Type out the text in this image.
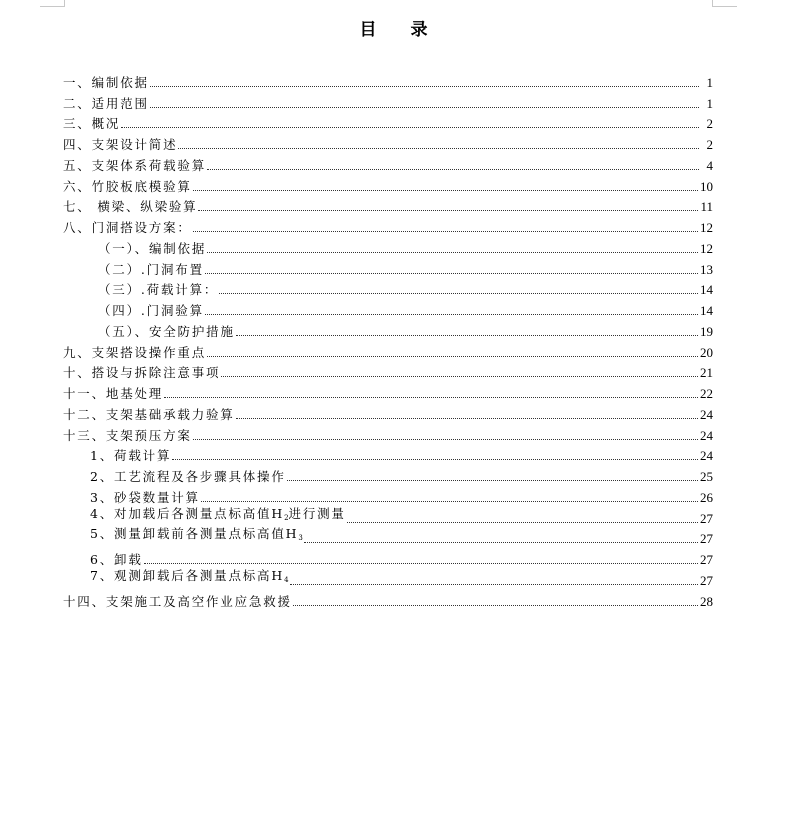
目 录
一、编制依据	1
二、适用范围	1
三、概况	2
四、支架设计简述	2
五、支架体系荷载验算	4
六、竹胶板底模验算	10
七、 横梁、纵梁验算	11
八、门洞搭设方案：	12
（一）、编制依据	12
（二）.门洞布置	13
（三）.荷载计算：	14
（四）.门洞验算	14
（五）、安全防护措施	19
九、支架搭设操作重点	20
十、搭设与拆除注意事项	21
十一、地基处理	22
十二、支架基础承载力验算	24
十三、支架预压方案	24
1、荷载计算	24
2、工艺流程及各步骤具体操作	25
3、砂袋数量计算	26
4、对加载后各测量点标高值$H_2$进行测量	27
5、测量卸载前各测量点标高值$H_3$	27
6、卸载	27
7、观测卸载后各测量点标高$H_4$	27
十四、支架施工及高空作业应急救援	28
